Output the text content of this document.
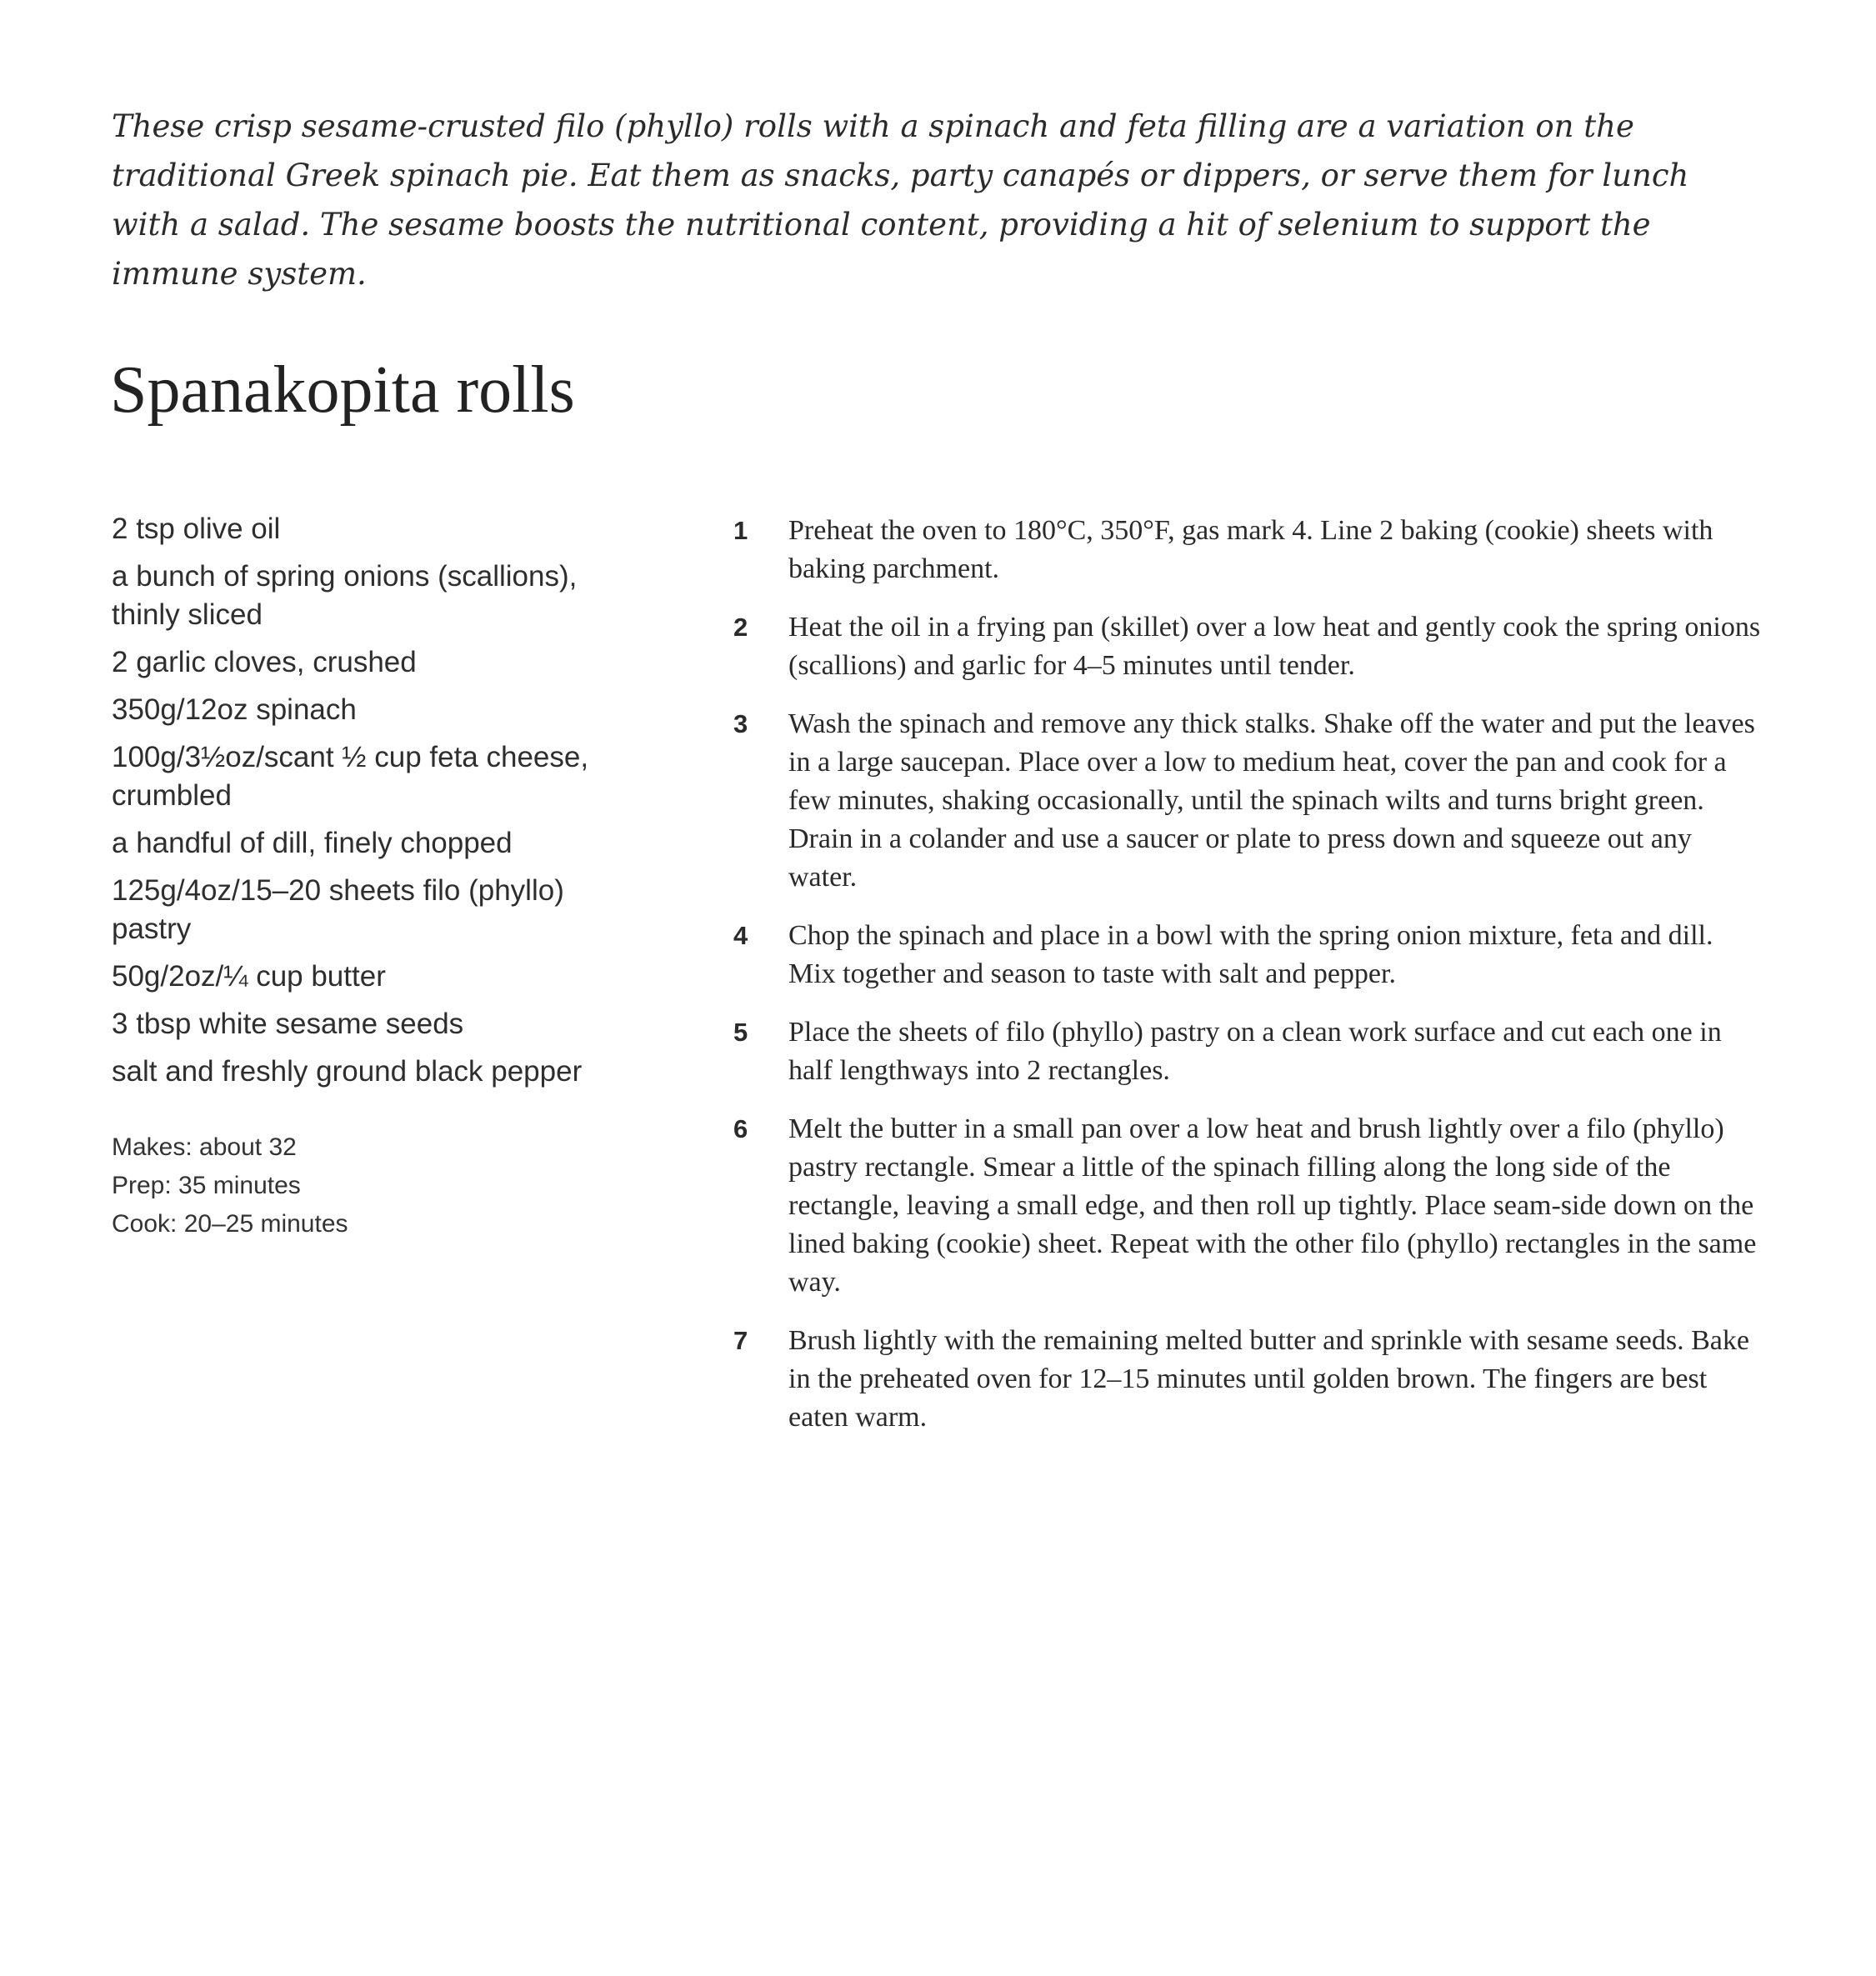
These crisp sesame-crusted filo (phyllo) rolls with a spinach and feta filling are a variation on the traditional Greek spinach pie. Eat them as snacks, party canapés or dippers, or serve them for lunch with a salad. The sesame boosts the nutritional content, providing a hit of selenium to support the immune system.

Spanakopita rolls
2 tsp olive oil
a bunch of spring onions (scallions), thinly sliced
2 garlic cloves, crushed
350g/12oz spinach
100g/3½oz/scant ½ cup feta cheese, crumbled
a handful of dill, finely chopped
125g/4oz/15–20 sheets filo (phyllo) pastry
50g/2oz/¼ cup butter
3 tbsp white sesame seeds
salt and freshly ground black pepper
Makes: about 32
Prep: 35 minutes
Cook: 20–25 minutes
1	Preheat the oven to 180°C, 350°F, gas mark 4. Line 2 baking (cookie) sheets with baking parchment.
2	Heat the oil in a frying pan (skillet) over a low heat and gently cook the spring onions (scallions) and garlic for 4–5 minutes until tender.
3	Wash the spinach and remove any thick stalks. Shake off the water and put the leaves in a large saucepan. Place over a low to medium heat, cover the pan and cook for a few minutes, shaking occasionally, until the spinach wilts and turns bright green. Drain in a colander and use a saucer or plate to press down and squeeze out any water.
4	Chop the spinach and place in a bowl with the spring onion mixture, feta and dill. Mix together and season to taste with salt and pepper.
5	Place the sheets of filo (phyllo) pastry on a clean work surface and cut each one in half lengthways into 2 rectangles.
6	Melt the butter in a small pan over a low heat and brush lightly over a filo (phyllo) pastry rectangle. Smear a little of the spinach filling along the long side of the rectangle, leaving a small edge, and then roll up tightly. Place seam-side down on the lined baking (cookie) sheet. Repeat with the other filo (phyllo) rectangles in the same way.
7	Brush lightly with the remaining melted butter and sprinkle with sesame seeds. Bake in the preheated oven for 12–15 minutes until golden brown. The fingers are best eaten warm.
